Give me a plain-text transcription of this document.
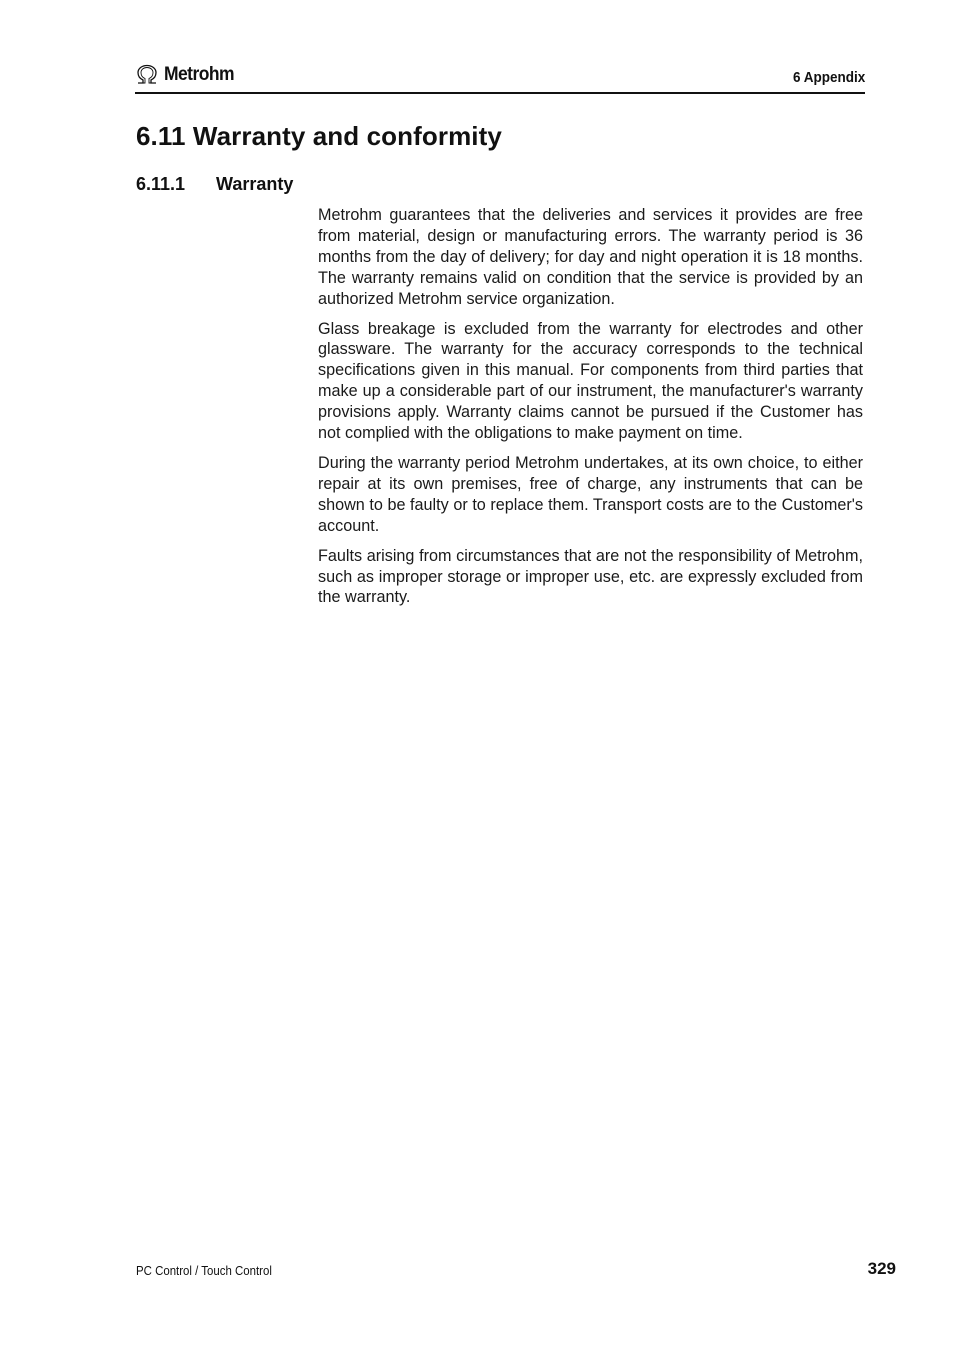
Metrohm	6 Appendix
6.11 Warranty and conformity
6.11.1 Warranty

Metrohm guarantees that the deliveries and services it provides are free from material, design or manufacturing errors. The warranty period is 36 months from the day of delivery; for day and night operation it is 18 months. The warranty remains valid on condition that the service is provided by an authorized Metrohm service organization.

Glass breakage is excluded from the warranty for electrodes and other glassware. The warranty for the accuracy corresponds to the technical specifications given in this manual. For components from third parties that make up a considerable part of our instrument, the manufacturer's warranty provisions apply. Warranty claims cannot be pursued if the Customer has not complied with the obligations to make payment on time.

During the warranty period Metrohm undertakes, at its own choice, to either repair at its own premises, free of charge, any instruments that can be shown to be faulty or to replace them. Transport costs are to the Customer's account.

Faults arising from circumstances that are not the responsibility of Metrohm, such as improper storage or improper use, etc. are expressly excluded from the warranty.

PC Control / Touch Control	329
